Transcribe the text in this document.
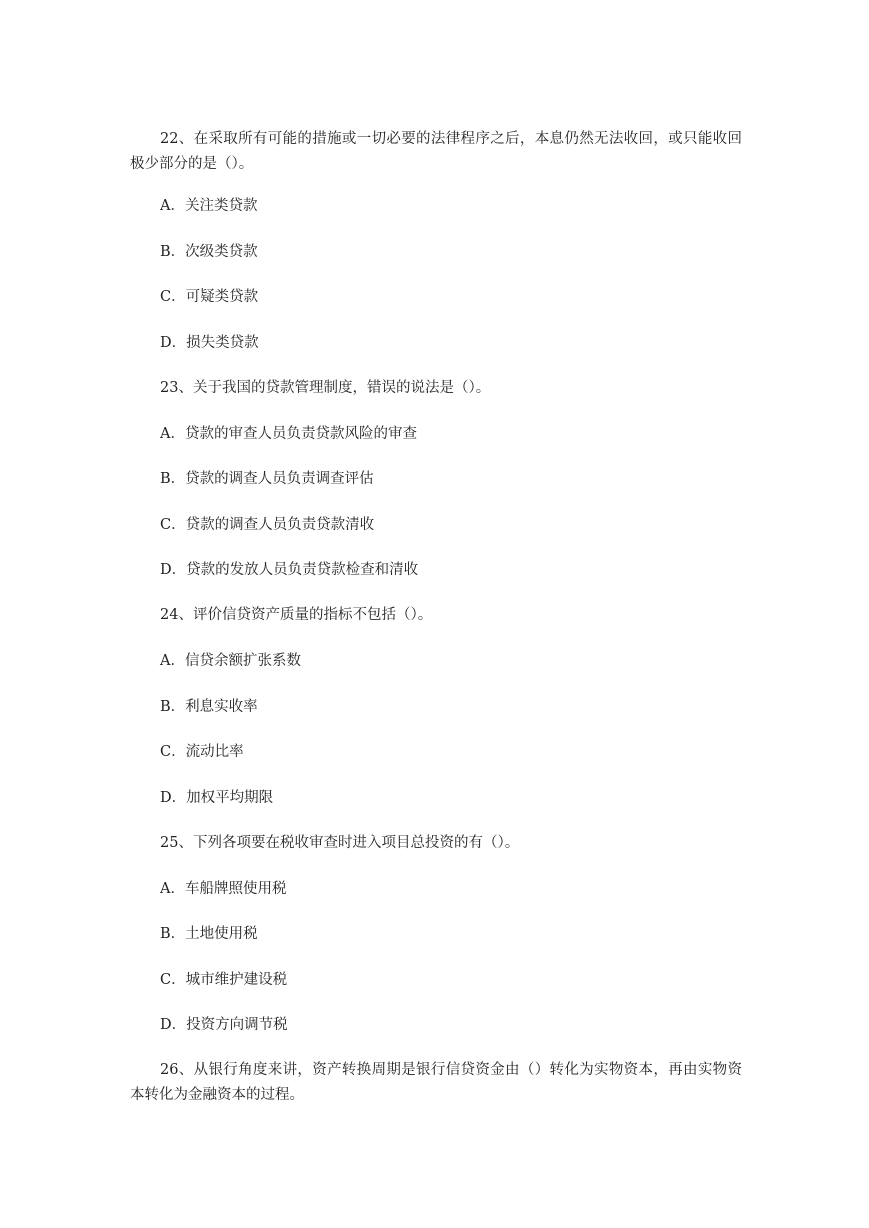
22、在采取所有可能的措施或一切必要的法律程序之后，本息仍然无法收回，或只能收回极少部分的是（）。
A．关注类贷款
B．次级类贷款
C．可疑类贷款
D．损失类贷款
23、关于我国的贷款管理制度，错误的说法是（）。
A．贷款的审查人员负责贷款风险的审查
B．贷款的调查人员负责调查评估
C．贷款的调查人员负责贷款清收
D．贷款的发放人员负责贷款检查和清收
24、评价信贷资产质量的指标不包括（）。
A．信贷余额扩张系数
B．利息实收率
C．流动比率
D．加权平均期限
25、下列各项要在税收审查时进入项目总投资的有（）。
A．车船牌照使用税
B．土地使用税
C．城市维护建设税
D．投资方向调节税
26、从银行角度来讲，资产转换周期是银行信贷资金由（）转化为实物资本，再由实物资本转化为金融资本的过程。
